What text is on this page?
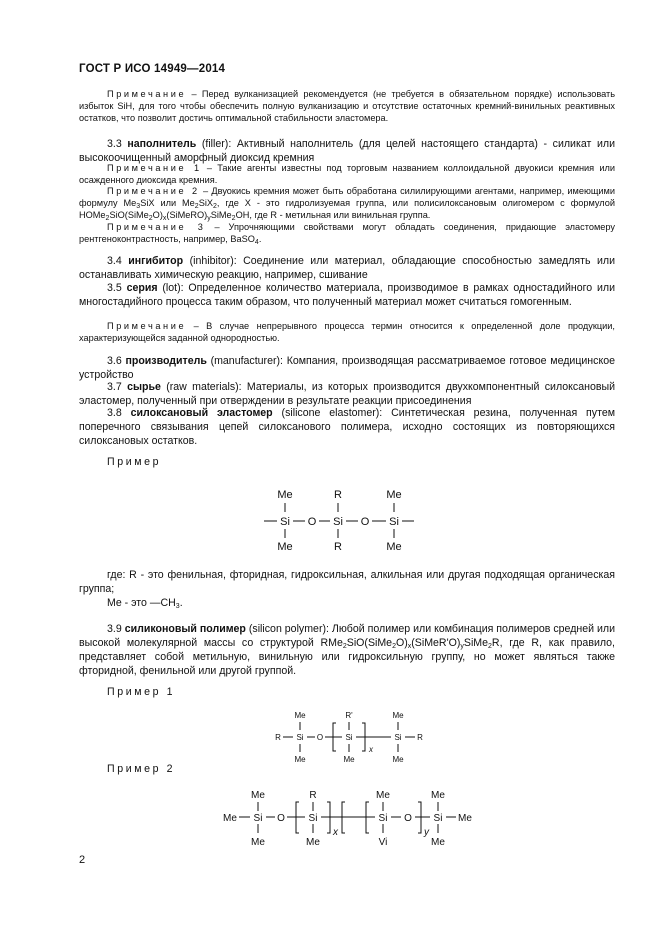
ГОСТ Р ИСО 14949—2014
Примечание – Перед вулканизацией рекомендуется (не требуется в обязательном порядке) использовать избыток SiH, для того чтобы обеспечить полную вулканизацию и отсутствие остаточных кремний-винильных реактивных остатков, что позволит достичь оптимальной стабильности эластомера.
3.3 наполнитель (filler): Активный наполнитель (для целей настоящего стандарта) - силикат или высокоочищенный аморфный диоксид кремния
Примечание 1 – Такие агенты известны под торговым названием коллоидальной двуокиси кремния или осажденного диоксида кремния.
Примечание 2 – Двуокись кремния может быть обработана силилирующими агентами, например, имеющими формулу $Me_3SiX$ или $Me_2SiX_2$, где X - это гидролизуемая группа, или полисилоксановым олигомером с формулой $HOMe_2SiO(SiMe_2O)_x(SiMeRO)_ySiMe_2OH$, где R - метильная или винильная группа.
Примечание 3 – Упрочняющими свойствами могут обладать соединения, придающие эластомеру рентгеноконтрастность, например, BaSO$_4$.
3.4 ингибитор (inhibitor): Соединение или материал, обладающие способностью замедлять или останавливать химическую реакцию, например, сшивание
3.5 серия (lot): Определенное количество материала, производимое в рамках одностадийного или многостадийного процесса таким образом, что полученный материал может считаться гомогенным.
Примечание – В случае непрерывного процесса термин относится к определенной доле продукции, характеризующейся заданной однородностью.
3.6 производитель (manufacturer): Компания, производящая рассматриваемое готовое медицинское устройство
3.7 сырье (raw materials): Материалы, из которых производится двухкомпонентный силоксановый эластомер, полученный при отверждении в результате реакции присоединения
3.8 силоксановый эластомер (silicone elastomer): Синтетическая резина, полученная путем поперечного связывания цепей силоксанового полимера, исходно состоящих из повторяющихся силоксановых остатков.
Пример
Me	R	Me
Si O Si O Si
Me	R	Me
где: R - это фенильная, фторидная, гидроксильная, алкильная или другая подходящая органическая группа;
Me - это $—CH_3$.
3.9 силиконовый полимер (silicon polymer): Любой полимер или комбинация полимеров средней или высокой молекулярной массы со структурой $RMe_2SiO(SiMe_2O)_x(SiMeR'O)_ySiMe_2R$, где R, как правило, представляет собой метильную, винильную или гидроксильную группу, но может являться также фторидной, фенильной или другой группой.
Пример 1
Me	R'	Me
R Si O	Si
x
Si R
Me	Me	Me
Пример 2
Me	R	Me	Me
Me Si O Si
x
Si O
y
Si Me
Me	Me	Vi	Me
2
